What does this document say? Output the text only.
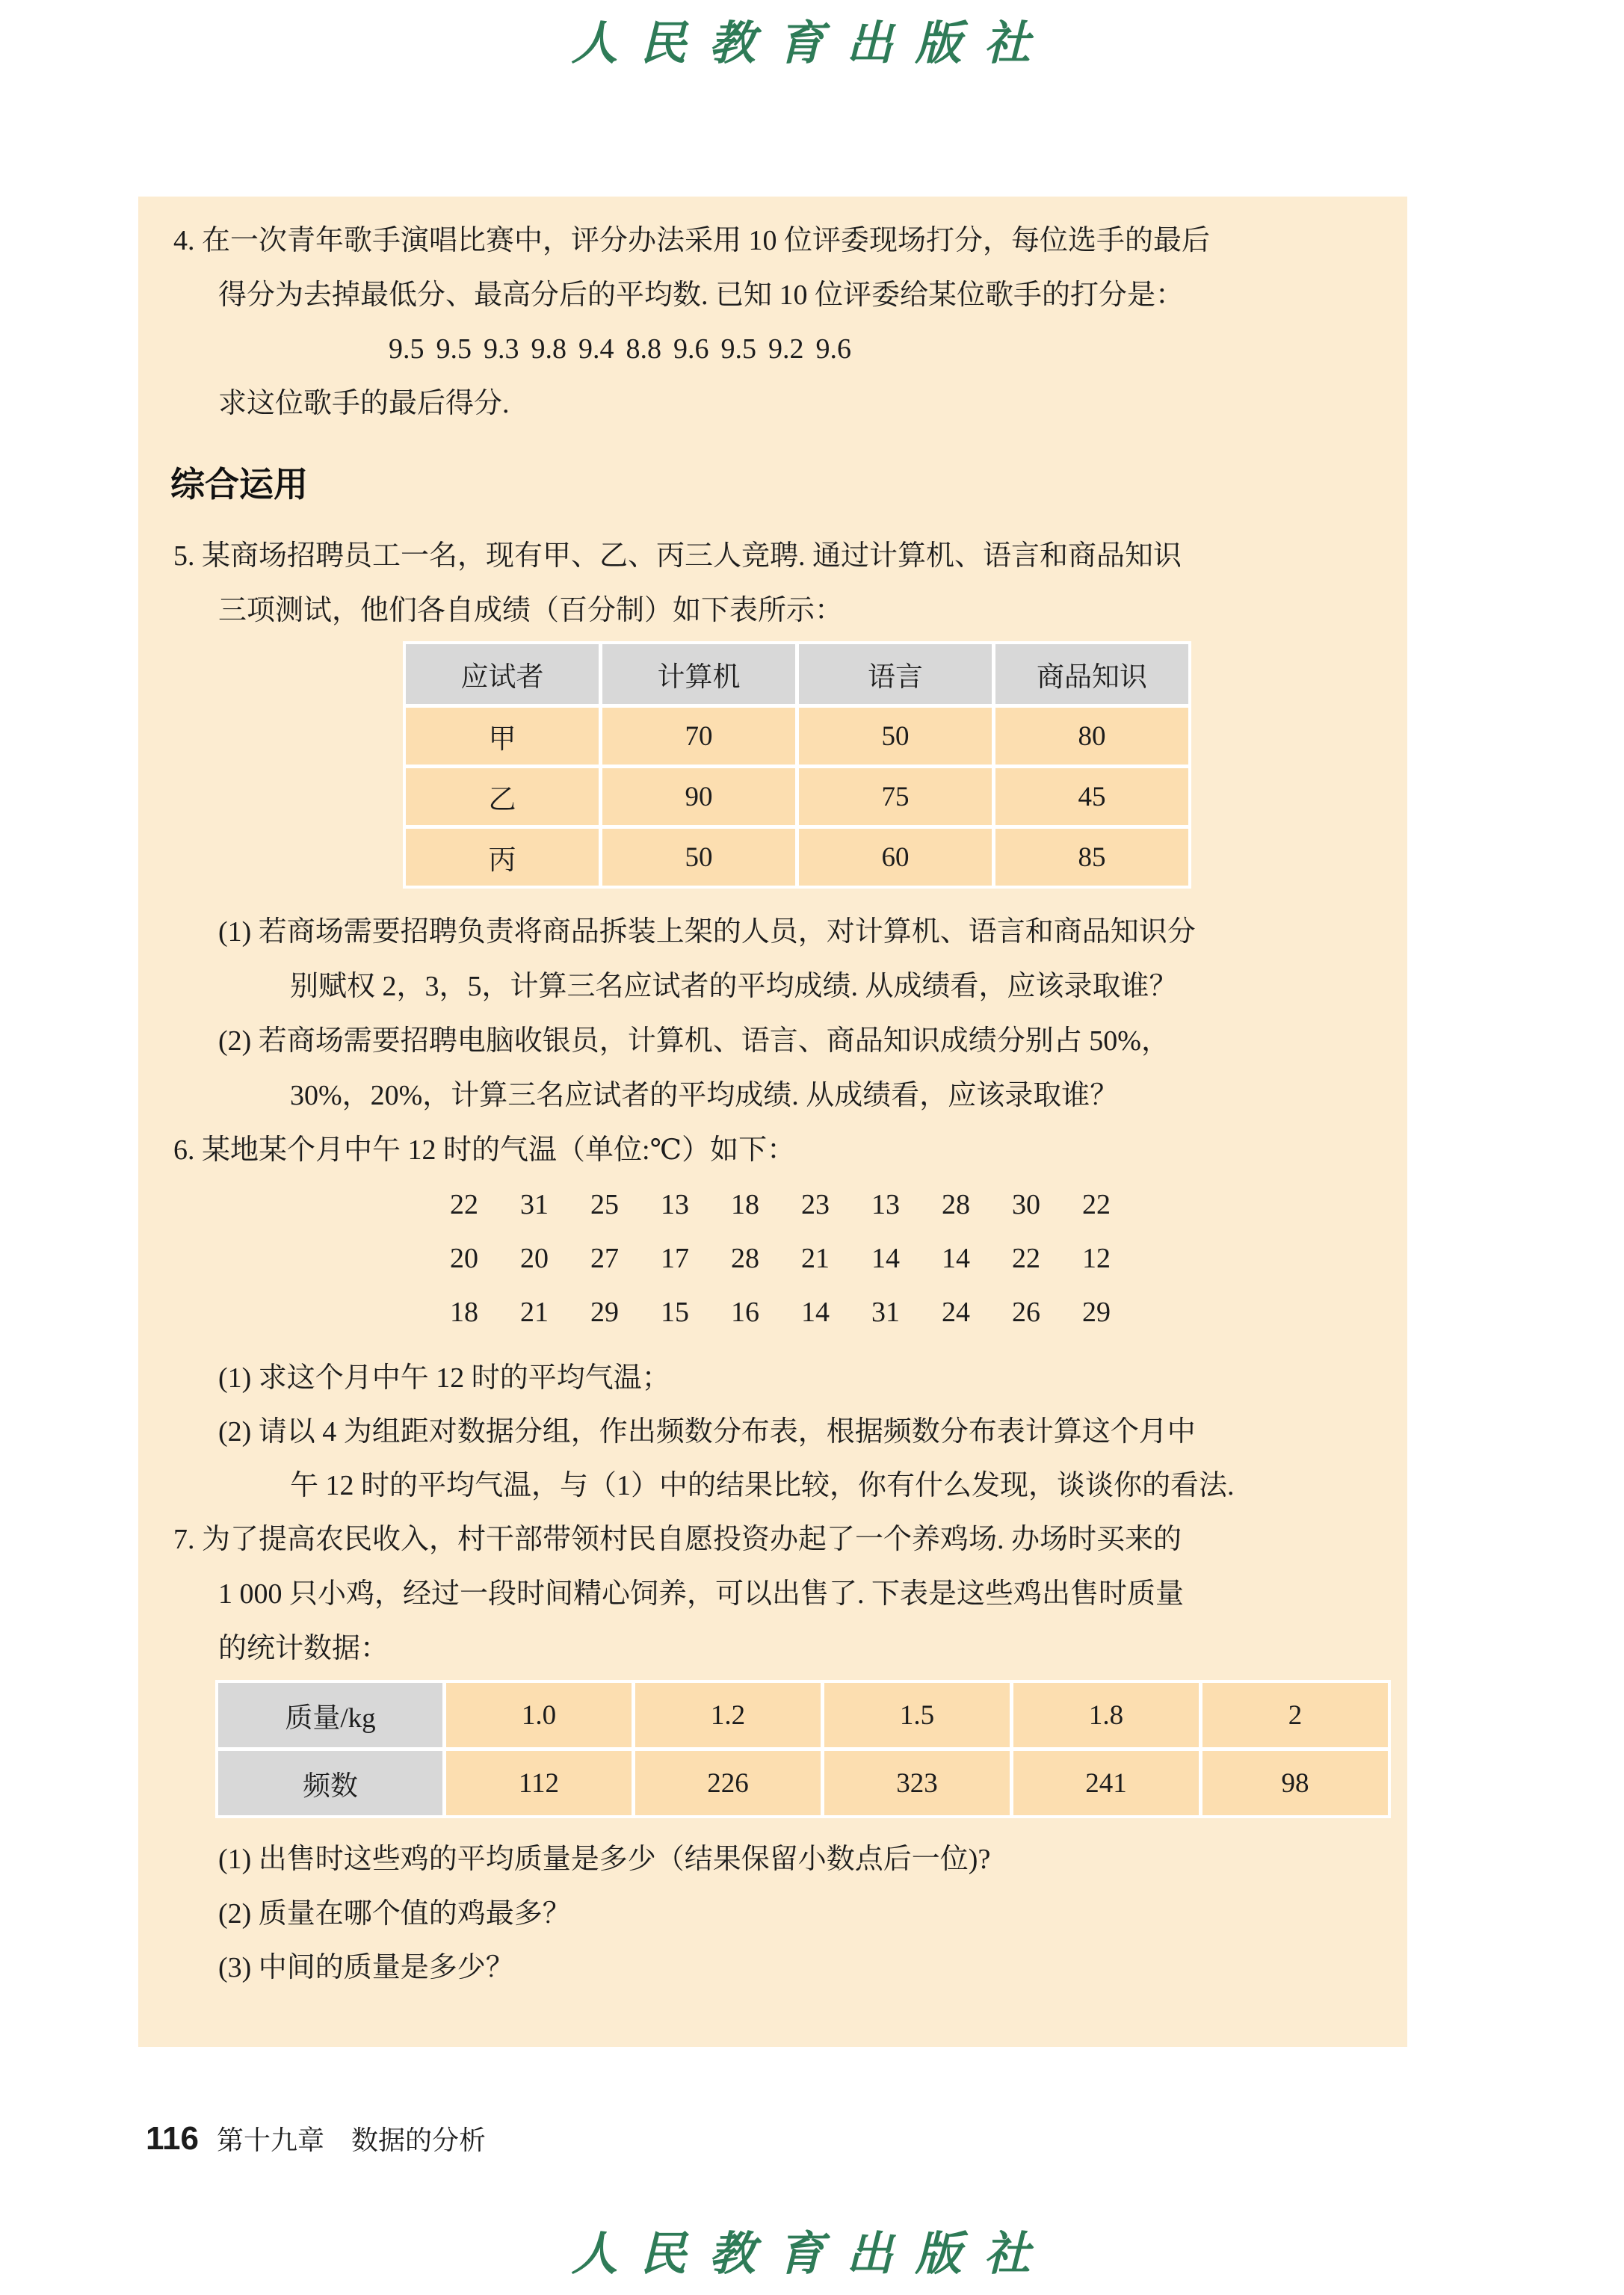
人民教育出版社
4. 在一次青年歌手演唱比赛中，评分办法采用 10 位评委现场打分，每位选手的最后
得分为去掉最低分、最高分后的平均数. 已知 10 位评委给某位歌手的打分是：
9.5 9.5 9.3 9.8 9.4 8.8 9.6 9.5 9.2 9.6
求这位歌手的最后得分.
综合运用
5. 某商场招聘员工一名，现有甲、乙、丙三人竞聘. 通过计算机、语言和商品知识
三项测试，他们各自成绩（百分制）如下表所示：
应试者	计算机	语言	商品知识
甲	70	50	80
乙	90	75	45
丙	50	60	85
(1) 若商场需要招聘负责将商品拆装上架的人员，对计算机、语言和商品知识分
别赋权 2，3，5，计算三名应试者的平均成绩. 从成绩看，应该录取谁？
(2) 若商场需要招聘电脑收银员，计算机、语言、商品知识成绩分别占 50%，
30%，20%，计算三名应试者的平均成绩. 从成绩看，应该录取谁？
6. 某地某个月中午 12 时的气温（单位:℃）如下：
22 31 25 13 18 23 13 28 30 22
20 20 27 17 28 21 14 14 22 12
18 21 29 15 16 14 31 24 26 29
(1) 求这个月中午 12 时的平均气温；
(2) 请以 4 为组距对数据分组，作出频数分布表，根据频数分布表计算这个月中
午 12 时的平均气温，与（1）中的结果比较，你有什么发现，谈谈你的看法.
7. 为了提高农民收入，村干部带领村民自愿投资办起了一个养鸡场. 办场时买来的
1 000 只小鸡，经过一段时间精心饲养，可以出售了. 下表是这些鸡出售时质量
的统计数据：
质量/kg	1.0	1.2	1.5	1.8	2
频数	112	226	323	241	98
(1) 出售时这些鸡的平均质量是多少（结果保留小数点后一位)?
(2) 质量在哪个值的鸡最多？
(3) 中间的质量是多少？
116 第十九章　数据的分析
人民教育出版社
